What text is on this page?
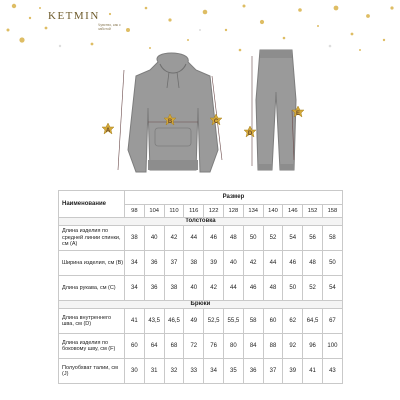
KETMIN
Чувство, как с заботой
A
B	C
D
E
Наименование	Размер										
	98	104	110	116	122	128	134	140	146	152	158
Толстовка											
Длина изделия по средней линии спинки, см (A)	38	40	42	44	46	48	50	52	54	56	58
Ширина изделия, см (B)	34	36	37	38	39	40	42	44	46	48	50
Длина рукава, см (C)	34	36	38	40	42	44	46	48	50	52	54
Брюки											
Длина внутреннего шва, см (D)	41	43,5	46,5	49	52,5	55,5	58	60	62	64,5	67
Длина изделия по боковому шву, см (F)	60	64	68	72	76	80	84	88	92	96	100
Полуобхват талии, см (J)	30	31	32	33	34	35	36	37	39	41	43
